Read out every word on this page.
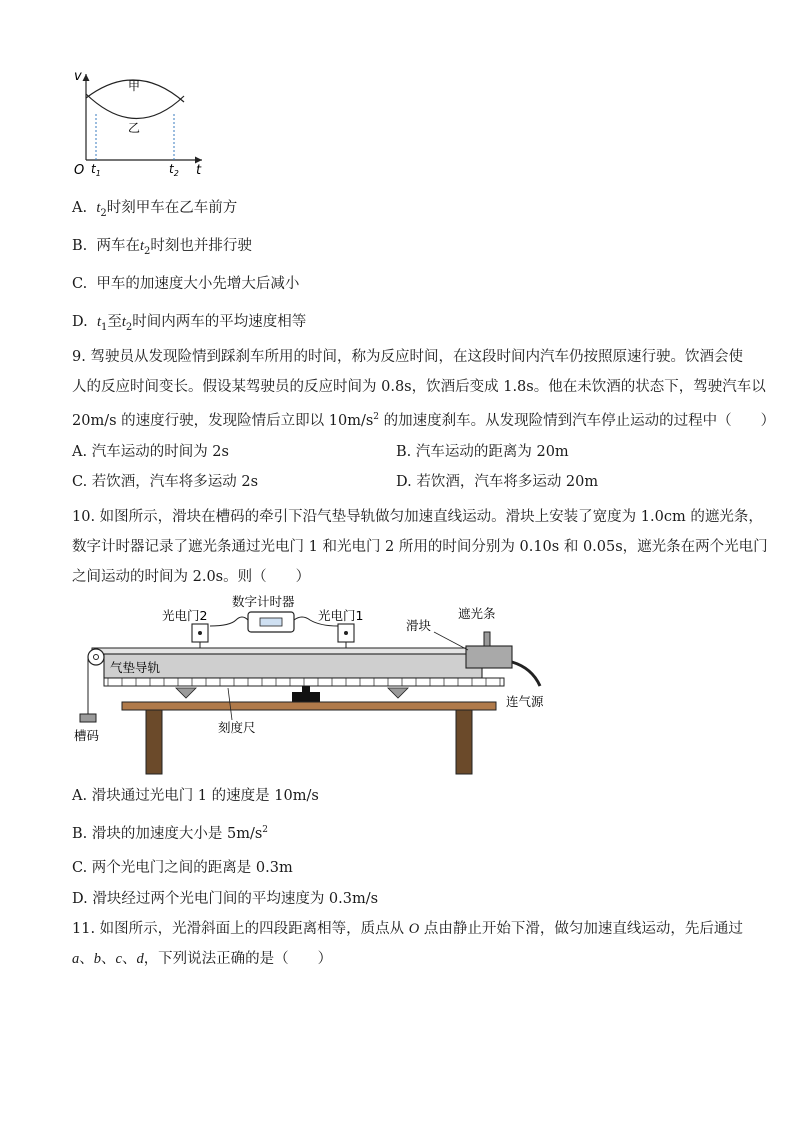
v
t
O
甲
乙
$t_1$	$t_2$
A. $t_2$时刻甲车在乙车前方
B. 两车在$t_2$时刻也并排行驶
C. 甲车的加速度大小先增大后减小
D. $t_1$至$t_2$时间内两车的平均速度相等
9. 驾驶员从发现险情到踩刹车所用的时间，称为反应时间，在这段时间内汽车仍按照原速行驶。饮酒会使
人的反应时间变长。假设某驾驶员的反应时间为 0.8s，饮酒后变成 1.8s。他在未饮酒的状态下，驾驶汽车以
20m/s 的速度行驶，发现险情后立即以 $10m/s^2$ 的加速度刹车。从发现险情到汽车停止运动的过程中（　　）
A. 汽车运动的时间为 2s	B. 汽车运动的距离为 20m
C. 若饮酒，汽车将多运动 2s	D. 若饮酒，汽车将多运动 20m
10. 如图所示，滑块在槽码的牵引下沿气垫导轨做匀加速直线运动。滑块上安装了宽度为 1.0cm 的遮光条，
数字计时器记录了遮光条通过光电门 1 和光电门 2 所用的时间分别为 0.10s 和 0.05s，遮光条在两个光电门
之间运动的时间为 2.0s。则（　　）
数字计时器
光电门2	光电门1
气垫导轨
槽码
滑块
遮光条
连气源
刻度尺
A. 滑块通过光电门 1 的速度是 10m/s
B. 滑块的加速度大小是 $5m/s^2$
C. 两个光电门之间的距离是 0.3m
D. 滑块经过两个光电门间的平均速度为 0.3m/s
11. 如图所示，光滑斜面上的四段距离相等，质点从 O 点由静止开始下滑，做匀加速直线运动，先后通过
a、b、c、d，下列说法正确的是（　　）
